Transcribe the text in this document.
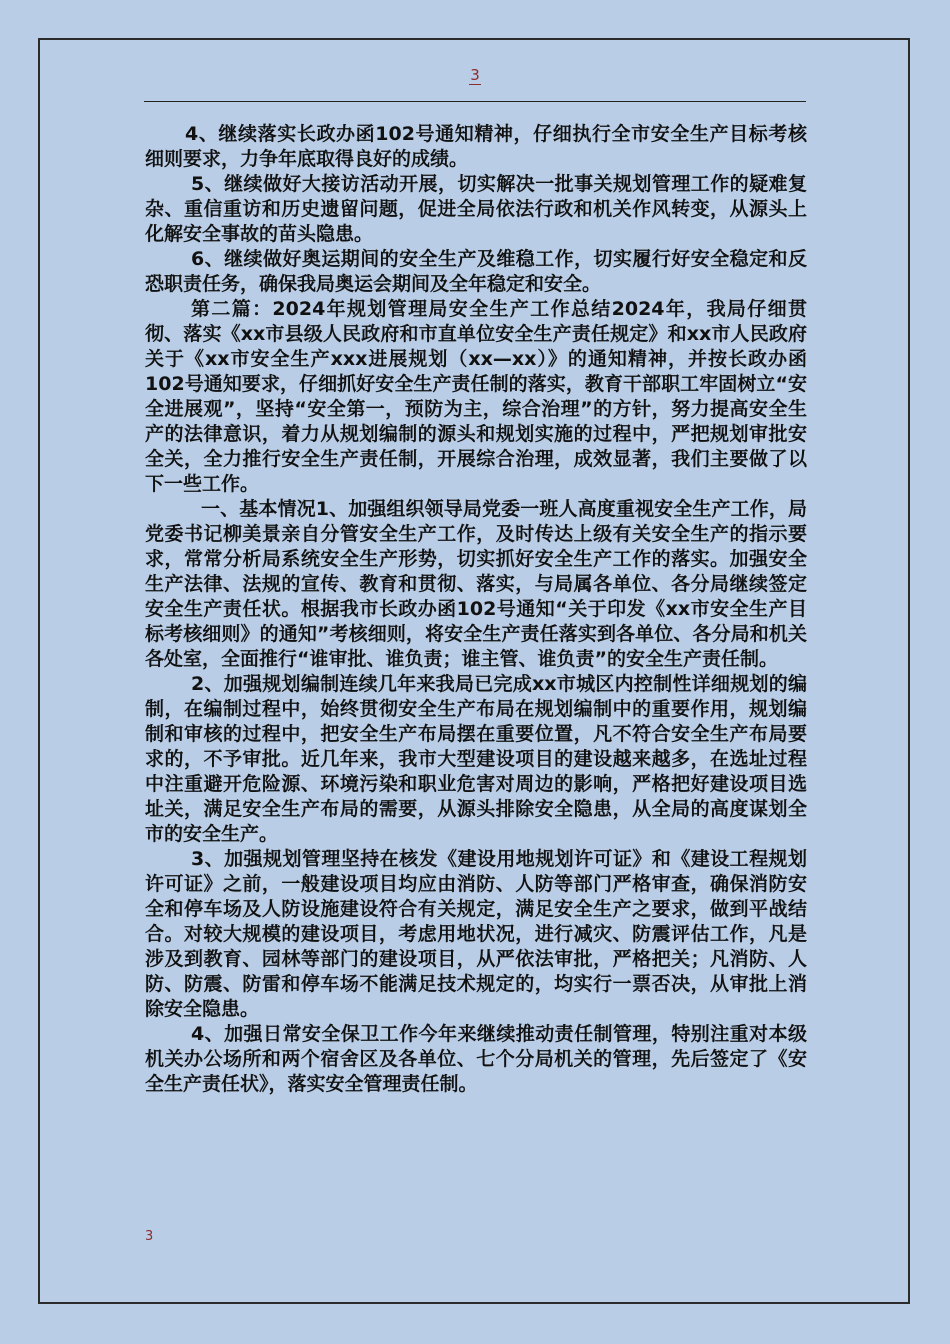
3

4、继续落实长政办函102号通知精神，仔细执行全市安全生产目标考核细则要求，力争年底取得良好的成绩。

5、继续做好大接访活动开展，切实解决一批事关规划管理工作的疑难复杂、重信重访和历史遗留问题，促进全局依法行政和机关作风转变，从源头上化解安全事故的苗头隐患。

6、继续做好奥运期间的安全生产及维稳工作，切实履行好安全稳定和反恐职责任务，确保我局奥运会期间及全年稳定和安全。

第二篇：2024年规划管理局安全生产工作总结2024年，我局仔细贯彻、落实《xx市县级人民政府和市直单位安全生产责任规定》和xx市人民政府关于《xx市安全生产xxx进展规划（xx—xx）》的通知精神，并按长政办函102号通知要求，仔细抓好安全生产责任制的落实，教育干部职工牢固树立“安全进展观”，坚持“安全第一，预防为主，综合治理”的方针，努力提高安全生产的法律意识，着力从规划编制的源头和规划实施的过程中，严把规划审批安全关，全力推行安全生产责任制，开展综合治理，成效显著，我们主要做了以下一些工作。

一、基本情况1、加强组织领导局党委一班人高度重视安全生产工作，局党委书记柳美景亲自分管安全生产工作，及时传达上级有关安全生产的指示要求，常常分析局系统安全生产形势，切实抓好安全生产工作的落实。加强安全生产法律、法规的宣传、教育和贯彻、落实，与局属各单位、各分局继续签定安全生产责任状。根据我市长政办函102号通知“关于印发《xx市安全生产目标考核细则》的通知”考核细则，将安全生产责任落实到各单位、各分局和机关各处室，全面推行“谁审批、谁负责；谁主管、谁负责”的安全生产责任制。

2、加强规划编制连续几年来我局已完成xx市城区内控制性详细规划的编制，在编制过程中，始终贯彻安全生产布局在规划编制中的重要作用，规划编制和审核的过程中，把安全生产布局摆在重要位置，凡不符合安全生产布局要求的，不予审批。近几年来，我市大型建设项目的建设越来越多，在选址过程中注重避开危险源、环境污染和职业危害对周边的影响，严格把好建设项目选址关，满足安全生产布局的需要，从源头排除安全隐患，从全局的高度谋划全市的安全生产。

3、加强规划管理坚持在核发《建设用地规划许可证》和《建设工程规划许可证》之前，一般建设项目均应由消防、人防等部门严格审查，确保消防安全和停车场及人防设施建设符合有关规定，满足安全生产之要求，做到平战结合。对较大规模的建设项目，考虑用地状况，进行减灾、防震评估工作，凡是涉及到教育、园林等部门的建设项目，从严依法审批，严格把关；凡消防、人防、防震、防雷和停车场不能满足技术规定的，均实行一票否决，从审批上消除安全隐患。

4、加强日常安全保卫工作今年来继续推动责任制管理，特别注重对本级机关办公场所和两个宿舍区及各单位、七个分局机关的管理，先后签定了《安全生产责任状》，落实安全管理责任制。

3
